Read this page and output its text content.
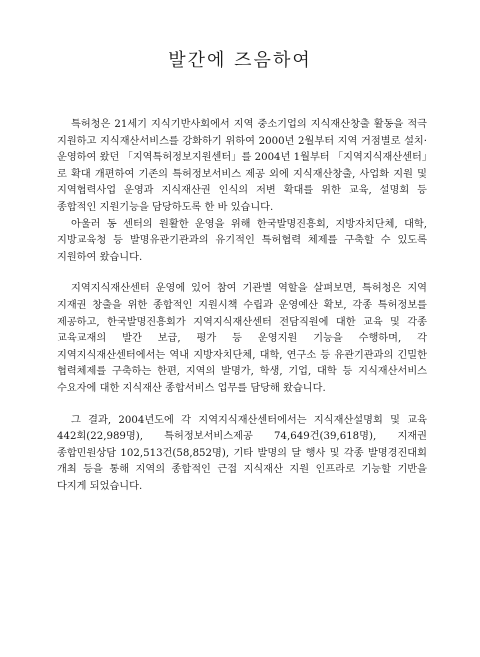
발간에 즈음하여

특허청은 21세기 지식기반사회에서 지역 중소기업의 지식재산창출 활동을 적극 지원하고 지식재산서비스를 강화하기 위하여 2000년 2월부터 지역 거점별로 설치·운영하여 왔던 「지역특허정보지원센터」를 2004년 1월부터 「지역지식재산센터」로 확대 개편하여 기존의 특허정보서비스 제공 외에 지식재산창출, 사업화 지원 및 지역협력사업 운영과 지식재산권 인식의 저변 확대를 위한 교육, 설명회 등 종합적인 지원기능을 담당하도록 한 바 있습니다.

아울러 동 센터의 원활한 운영을 위해 한국발명진흥회, 지방자치단체, 대학, 지방교육청 등 발명유관기관과의 유기적인 특허협력 체제를 구축할 수 있도록 지원하여 왔습니다.

지역지식재산센터 운영에 있어 참여 기관별 역할을 살펴보면, 특허청은 지역 지재권 창출을 위한 종합적인 지원시책 수립과 운영예산 확보, 각종 특허정보를 제공하고, 한국발명진흥회가 지역지식재산센터 전담직원에 대한 교육 및 각종 교육교재의 발간 보급, 평가 등 운영지원 기능을 수행하며, 각 지역지식재산센터에서는 역내 지방자치단체, 대학, 연구소 등 유관기관과의 긴밀한 협력체제를 구축하는 한편, 지역의 발명가, 학생, 기업, 대학 등 지식재산서비스 수요자에 대한 지식재산 종합서비스 업무를 담당해 왔습니다.

그 결과, 2004년도에 각 지역지식재산센터에서는 지식재산설명회 및 교육 442회(22,989명), 특허정보서비스제공 74,649건(39,618명), 지재권 종합민원상담 102,513건(58,852명), 기타 발명의 달 행사 및 각종 발명경진대회 개최 등을 통해 지역의 종합적인 근접 지식재산 지원 인프라로 기능할 기반을 다지게 되었습니다.
